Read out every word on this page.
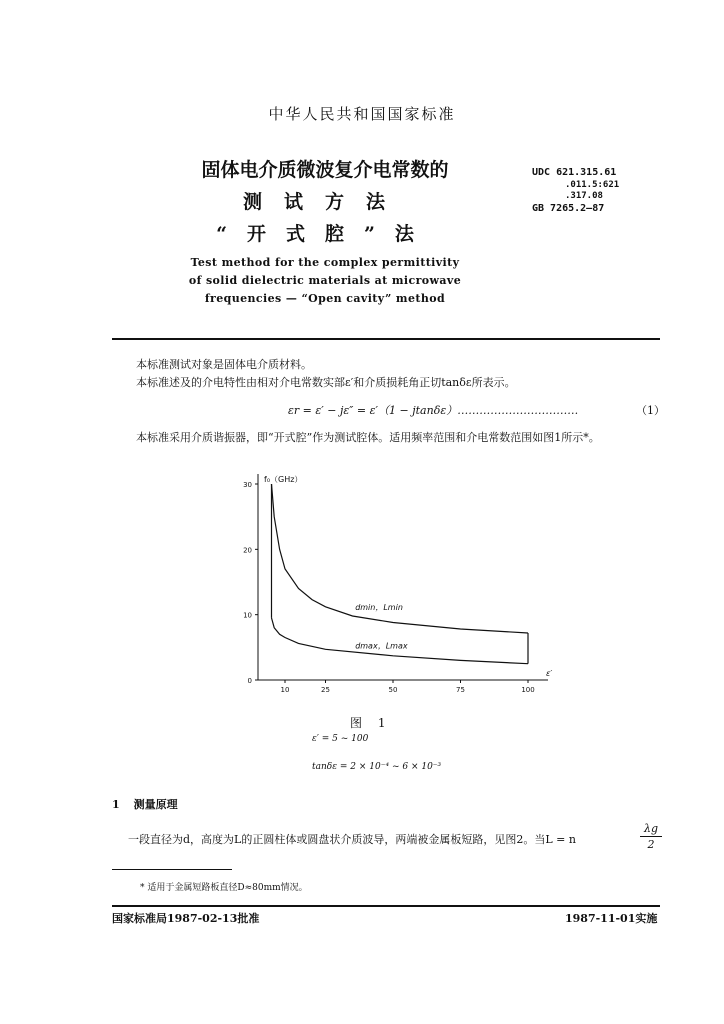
中华人民共和国国家标准
固体电介质微波复介电常数的
测试方法
“开式腔”法
Test method for the complex permittivity
of solid dielectric materials at microwave
frequencies — “Open cavity” method
UDC 621.315.61
.011.5:621
.317.08
GB 7265.2—87
本标准测试对象是固体电介质材料。
本标准述及的介电特性由相对介电常数实部ε′和介质损耗角正切tanδε所表示。
εr = ε′ − jε″ = ε′（1 − jtanδε）……………………………	（1）
本标准采用介质谐振器，即“开式腔”作为测试腔体。适用频率范围和介电常数范围如图1所示*。
0
10
20
30
10	25	50	75	100
f₀（GHz）
ε′
dmin，Lmin
dmax，Lmax
图 1
ε′ = 5 ~ 100
tanδε = 2 × 10⁻⁴ ~ 6 × 10⁻³
1 测量原理
一段直径为d，高度为L的正圆柱体或圆盘状介质波导，两端被金属板短路，见图2。当L = n
λg
2
* 适用于金属短路板直径D≈80mm情况。
国家标准局1987-02-13批准	1987-11-01实施
